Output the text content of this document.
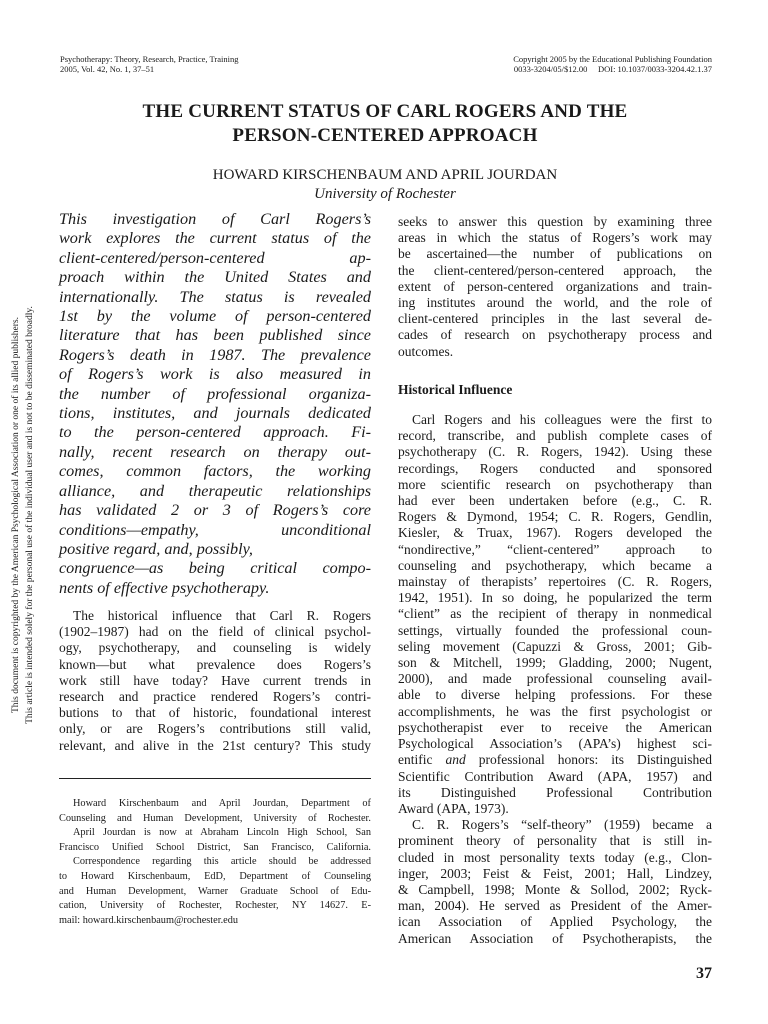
Psychotherapy: Theory, Research, Practice, Training
2005, Vol. 42, No. 1, 37–51
Copyright 2005 by the Educational Publishing Foundation
0033-3204/05/$12.00     DOI: 10.1037/0033-3204.42.1.37
THE CURRENT STATUS OF CARL ROGERS AND THE
PERSON-CENTERED APPROACH
HOWARD KIRSCHENBAUM AND APRIL JOURDAN
University of Rochester
This document is copyrighted by the American Psychological Association or one of its allied publishers. This article is intended solely for the personal use of the individual user and is not to be disseminated broadly.
This investigation of Carl Rogers’s
work explores the current status of the
client-centered/person-centered ap-
proach within the United States and
internationally. The status is revealed
1st by the volume of person-centered
literature that has been published since
Rogers’s death in 1987. The prevalence
of Rogers’s work is also measured in
the number of professional organiza-
tions, institutes, and journals dedicated
to the person-centered approach. Fi-
nally, recent research on therapy out-
comes, common factors, the working
alliance, and therapeutic relationships
has validated 2 or 3 of Rogers’s core
conditions—empathy, unconditional
positive regard, and, possibly,
congruence—as being critical compo-
nents of effective psychotherapy.
The historical influence that Carl R. Rogers
(1902–1987) had on the field of clinical psychol-
ogy, psychotherapy, and counseling is widely
known—but what prevalence does Rogers’s
work still have today? Have current trends in
research and practice rendered Rogers’s contri-
butions to that of historic, foundational interest
only, or are Rogers’s contributions still valid,
relevant, and alive in the 21st century? This study
Howard Kirschenbaum and April Jourdan, Department of
Counseling and Human Development, University of Rochester.
April Jourdan is now at Abraham Lincoln High School, San
Francisco Unified School District, San Francisco, California.
Correspondence regarding this article should be addressed
to Howard Kirschenbaum, EdD, Department of Counseling
and Human Development, Warner Graduate School of Edu-
cation, University of Rochester, Rochester, NY 14627. E-
mail: howard.kirschenbaum@rochester.edu
seeks to answer this question by examining three
areas in which the status of Rogers’s work may
be ascertained—the number of publications on
the client-centered/person-centered approach, the
extent of person-centered organizations and train-
ing institutes around the world, and the role of
client-centered principles in the last several de-
cades of research on psychotherapy process and
outcomes.
Historical Influence
Carl Rogers and his colleagues were the first to
record, transcribe, and publish complete cases of
psychotherapy (C. R. Rogers, 1942). Using these
recordings, Rogers conducted and sponsored
more scientific research on psychotherapy than
had ever been undertaken before (e.g., C. R.
Rogers & Dymond, 1954; C. R. Rogers, Gendlin,
Kiesler, & Truax, 1967). Rogers developed the
“nondirective,” “client-centered” approach to
counseling and psychotherapy, which became a
mainstay of therapists’ repertoires (C. R. Rogers,
1942, 1951). In so doing, he popularized the term
“client” as the recipient of therapy in nonmedical
settings, virtually founded the professional coun-
seling movement (Capuzzi & Gross, 2001; Gib-
son & Mitchell, 1999; Gladding, 2000; Nugent,
2000), and made professional counseling avail-
able to diverse helping professions. For these
accomplishments, he was the first psychologist or
psychotherapist ever to receive the American
Psychological Association’s (APA’s) highest sci-
entific and professional honors: its Distinguished
Scientific Contribution Award (APA, 1957) and
its Distinguished Professional Contribution
Award (APA, 1973).
C. R. Rogers’s “self-theory” (1959) became a
prominent theory of personality that is still in-
cluded in most personality texts today (e.g., Clon-
inger, 2003; Feist & Feist, 2001; Hall, Lindzey,
& Campbell, 1998; Monte & Sollod, 2002; Ryck-
man, 2004). He served as President of the Amer-
ican Association of Applied Psychology, the
American Association of Psychotherapists, the
37
